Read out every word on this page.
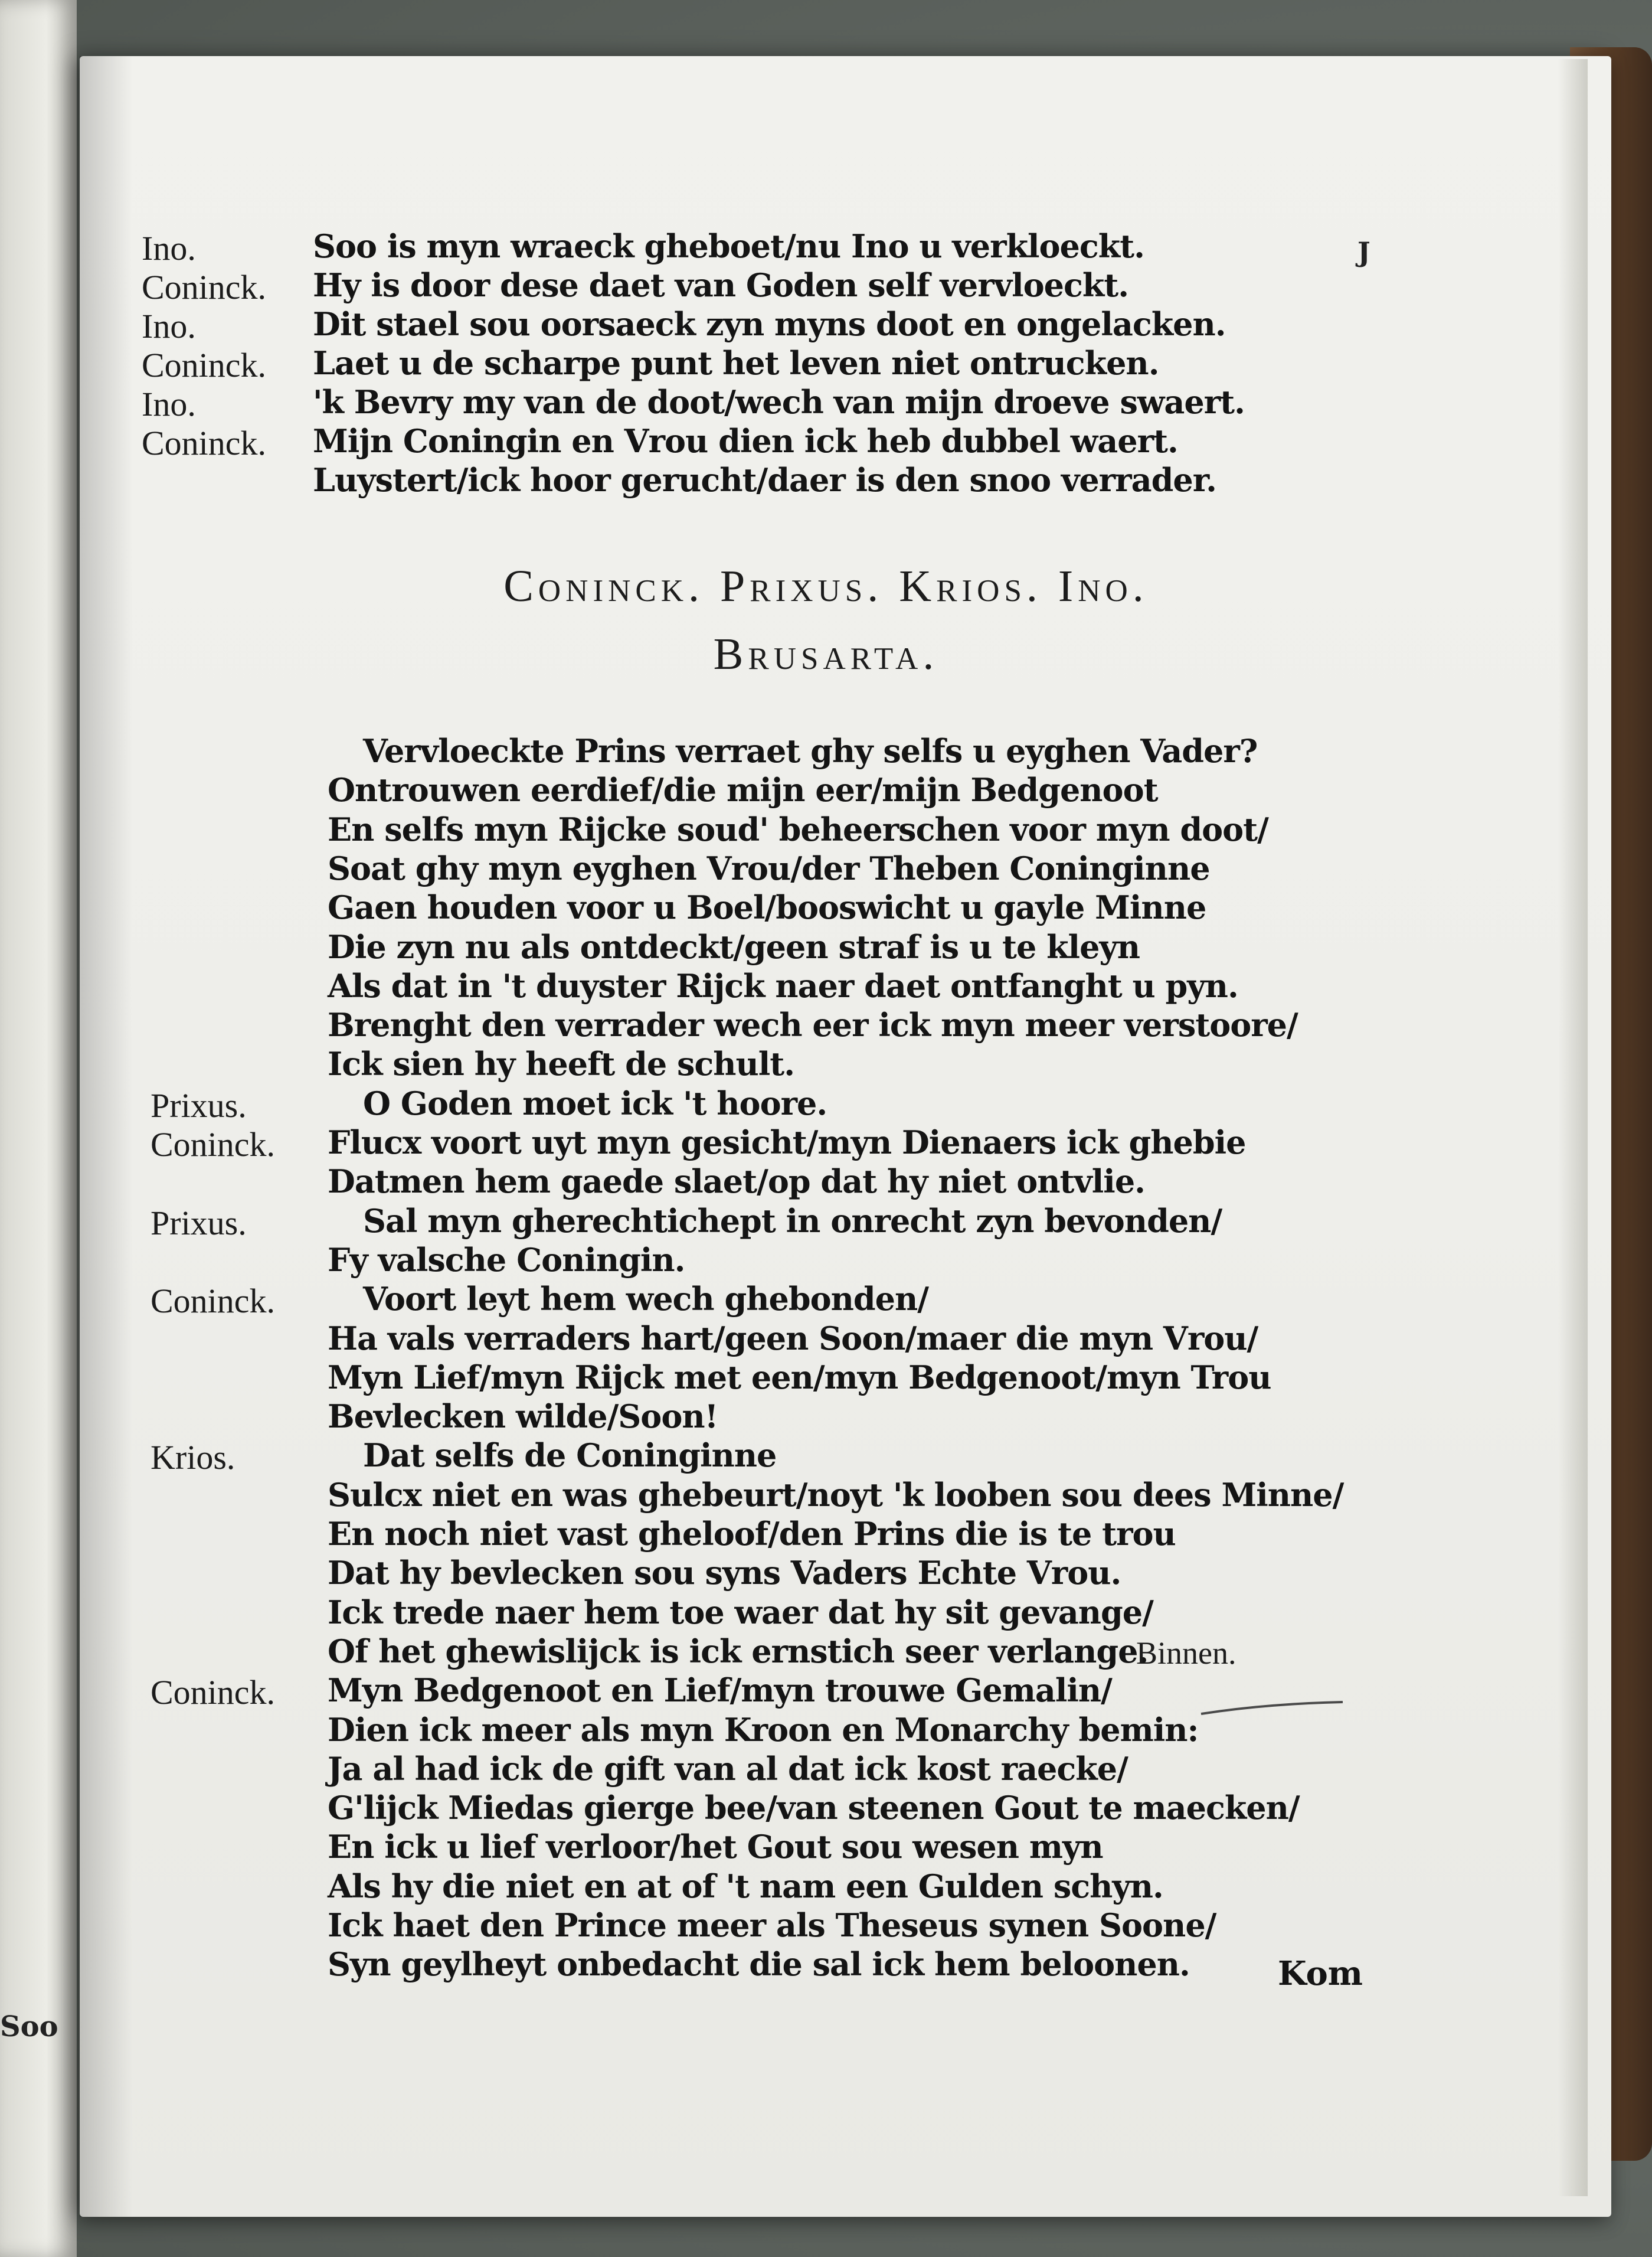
Soo
J
Ino.	Soo is myn wraeck gheboet/nu Ino u verkloeckt.
Coninck. Hy is door dese daet van Goden self vervloeckt.
Ino.	Dit stael sou oorsaeck zyn myns doot en ongelacken.
Coninck. Laet u de scharpe punt het leven niet ontrucken.
Ino.	'k Bevry my van de doot/wech van mijn droeve swaert.
Coninck. Mijn Coningin en Vrou dien ick heb dubbel waert.
Luystert/ick hoor gerucht/daer is den snoo verrader.
Vervloeckte Prins verraet ghy selfs u eyghen Vader?
Ontrouwen eerdief/die mijn eer/mijn Bedgenoot
En selfs myn Rijcke soud' beheerschen voor myn doot/
Soat ghy myn eyghen Vrou/der Theben Coninginne
Gaen houden voor u Boel/booswicht u gayle Minne
Die zyn nu als ontdeckt/geen straf is u te kleyn
Als dat in 't duyster Rijck naer daet ontfanght u pyn.
Brenght den verrader wech eer ick myn meer verstoore/
Ick sien hy heeft de schult.
Prixus.	O Goden moet ick 't hoore.
Coninck. Flucx voort uyt myn gesicht/myn Dienaers ick ghebie
Datmen hem gaede slaet/op dat hy niet ontvlie.
Prixus.	Sal myn gherechtichept in onrecht zyn bevonden/
Fy valsche Coningin.
Coninck.	Voort leyt hem wech ghebonden/
Ha vals verraders hart/geen Soon/maer die myn Vrou/
Myn Lief/myn Rijck met een/myn Bedgenoot/myn Trou
Bevlecken wilde/Soon!
Krios.	Dat selfs de Coninginne
Sulcx niet en was ghebeurt/noyt 'k looben sou dees Minne/
En noch niet vast gheloof/den Prins die is te trou
Dat hy bevlecken sou syns Vaders Echte Vrou.
Ick trede naer hem toe waer dat hy sit gevange/
Of het ghewislijck is ick ernstich seer verlange.
Binnen.
Coninck. Myn Bedgenoot en Lief/myn trouwe Gemalin/
Dien ick meer als myn Kroon en Monarchy bemin:
Ja al had ick de gift van al dat ick kost raecke/
G'lijck Miedas gierge bee/van steenen Gout te maecken/
En ick u lief verloor/het Gout sou wesen myn
Als hy die niet en at of 't nam een Gulden schyn.
Ick haet den Prince meer als Theseus synen Soone/
Syn geylheyt onbedacht die sal ick hem beloonen.
Coninck. Prixus. Krios. Ino.
Brusarta.
Kom
